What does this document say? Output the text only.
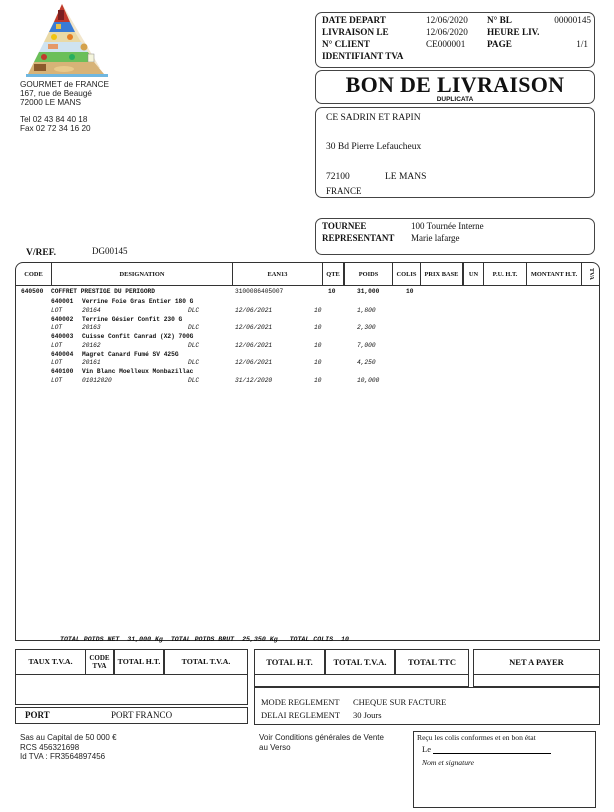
GOURMET de FRANCE
167, rue de Beaugé
72000 LE MANS
Tel 02 43 84 40 18
Fax 02 72 34 16 20
DATE DEPART	12/06/2020 N° BL	00000145
LIVRAISON LE	12/06/2020 HEURE LIV.
N° CLIENT	CE000001 PAGE	1/1
IDENTIFIANT TVA
BON DE LIVRAISON
DUPLICATA
CE SADRIN ET RAPIN
30 Bd Pierre Lefaucheux
72100	LE MANS
FRANCE
TOURNEE	100 Tournée Interne
REPRESENTANT Marie lafarge
V/REF.	DG00145
CODE	DESIGNATION	EAN13	QTE	POIDS	COLIS	PRIX BASE	UN	P.U. H.T.	MONTANT H.T.	TVA
640500 COFFRET PRESTIGE DU PERIGORD	3100086405007	10	31,000	10
640001 Verrine Foie Gras Entier 180 G
LOT	20164	DLC	12/06/2021	10	1,800
640002 Terrine Gésier Confit 230 G
LOT	20163	DLC	12/06/2021	10	2,300
640003 Cuisse Confit Canrad (X2) 700G
LOT	20162	DLC	12/06/2021	10	7,000
640004 Magret Canard Fumé SV 425G
LOT	20161	DLC	12/06/2021	10	4,250
640100 Vin Blanc Moelleux Monbazillac
LOT	01012020	DLC	31/12/2020	10	10,000
TOTAL POIDS NET 31,000 Kg TOTAL POIDS BRUT 25,350 Kg TOTAL COLIS 10
TAUX T.V.A.	CODE TVA	TOTAL H.T.	TOTAL T.V.A.
PORT	PORT FRANCO
TOTAL H.T.	TOTAL T.V.A.	TOTAL TTC	NET A PAYER
MODE REGLEMENT CHEQUE SUR FACTURE
DELAI REGLEMENT 30 Jours
Sas au Capital de 50 000 €
RCS 456321698
Id TVA : FR3564897456
Voir Conditions générales de Vente
au Verso
Reçu les colis conformes et en bon état
Le
Nom et signature
